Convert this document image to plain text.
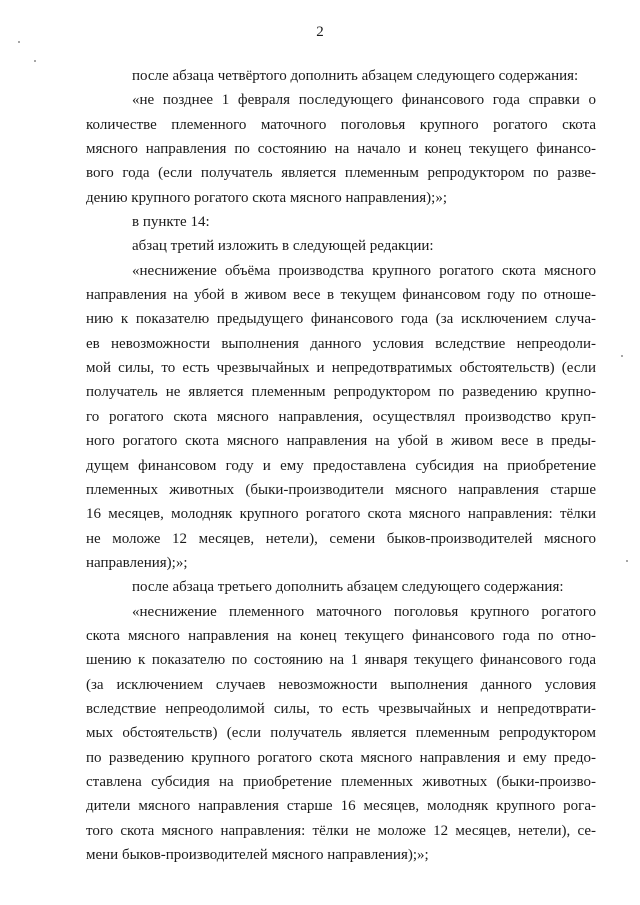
2
после абзаца четвёртого дополнить абзацем следующего содержания:
«не позднее 1 февраля последующего финансового года справки о
количестве племенного маточного поголовья крупного рогатого скота
мясного направления по состоянию на начало и конец текущего финансо-
вого года (если получатель является племенным репродуктором по разве-
дению крупного рогатого скота мясного направления);»;
в пункте 14:
абзац третий изложить в следующей редакции:
«неснижение объёма производства крупного рогатого скота мясного
направления на убой в живом весе в текущем финансовом году по отноше-
нию к показателю предыдущего финансового года (за исключением случа-
ев невозможности выполнения данного условия вследствие непреодоли-
мой силы, то есть чрезвычайных и непредотвратимых обстоятельств) (если
получатель не является племенным репродуктором по разведению крупно-
го рогатого скота мясного направления, осуществлял производство круп-
ного рогатого скота мясного направления на убой в живом весе в преды-
дущем финансовом году и ему предоставлена субсидия на приобретение
племенных животных (быки-производители мясного направления старше
16 месяцев, молодняк крупного рогатого скота мясного направления: тёлки
не моложе 12 месяцев, нетели), семени быков-производителей мясного
направления);»;
после абзаца третьего дополнить абзацем следующего содержания:
«неснижение племенного маточного поголовья крупного рогатого
скота мясного направления на конец текущего финансового года по отно-
шению к показателю по состоянию на 1 января текущего финансового года
(за исключением случаев невозможности выполнения данного условия
вследствие непреодолимой силы, то есть чрезвычайных и непредотврати-
мых обстоятельств) (если получатель является племенным репродуктором
по разведению крупного рогатого скота мясного направления и ему предо-
ставлена субсидия на приобретение племенных животных (быки-произво-
дители мясного направления старше 16 месяцев, молодняк крупного рога-
того скота мясного направления: тёлки не моложе 12 месяцев, нетели), се-
мени быков-производителей мясного направления);»;
